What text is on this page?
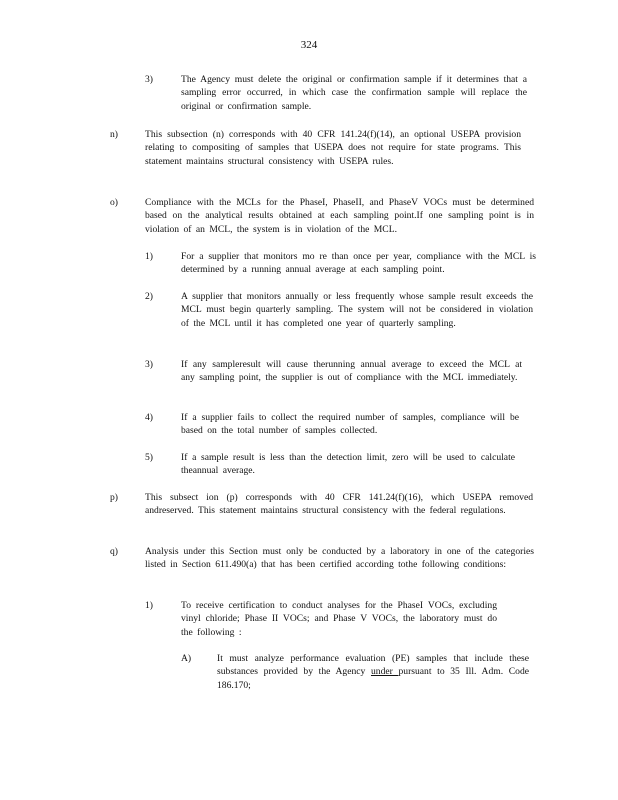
324
3)	The Agency must delete the original or confirmation sample if it determines that a sampling error occurred, in which case the confirmation sample will replace the original or confirmation sample.
n)	This subsection (n) corresponds with 40 CFR 141.24(f)(14), an optional USEPA provision relating to compositing of samples that USEPA does not require for state programs. This statement maintains structural consistency with USEPA rules.
o)	Compliance with the MCLs for the PhaseI, PhaseII, and PhaseV VOCs must be determined based on the analytical results obtained at each sampling point.If one sampling point is in violation of an MCL, the system is in violation of the MCL.
1)	For a supplier that monitors mo re than once per year, compliance with the MCL is determined by a running annual average at each sampling point.
2)	A supplier that monitors annually or less frequently whose sample result exceeds the MCL must begin quarterly sampling. The system will not be considered in violation of the MCL until it has completed one year of quarterly sampling.
3)	If any sampleresult will cause therunning annual average to exceed the MCL at any sampling point, the supplier is out of compliance with the MCL immediately.
4)	If a supplier fails to collect the required number of samples, compliance will be based on the total number of samples collected.
5)	If a sample result is less than the detection limit, zero will be used to calculate theannual average.
p)	This subsect ion (p) corresponds with 40 CFR 141.24(f)(16), which USEPA removed andreserved. This statement maintains structural consistency with the federal regulations.
q)	Analysis under this Section must only be conducted by a laboratory in one of the categories listed in Section 611.490(a) that has been certified according tothe following conditions:
1)	To receive certification to conduct analyses for the PhaseI VOCs, excluding vinyl chloride; Phase II VOCs; and Phase V VOCs, the laboratory must do the following :
A)	It must analyze performance evaluation (PE) samples that include these substances provided by the Agency under pursuant to 35 Ill. Adm. Code 186.170;
